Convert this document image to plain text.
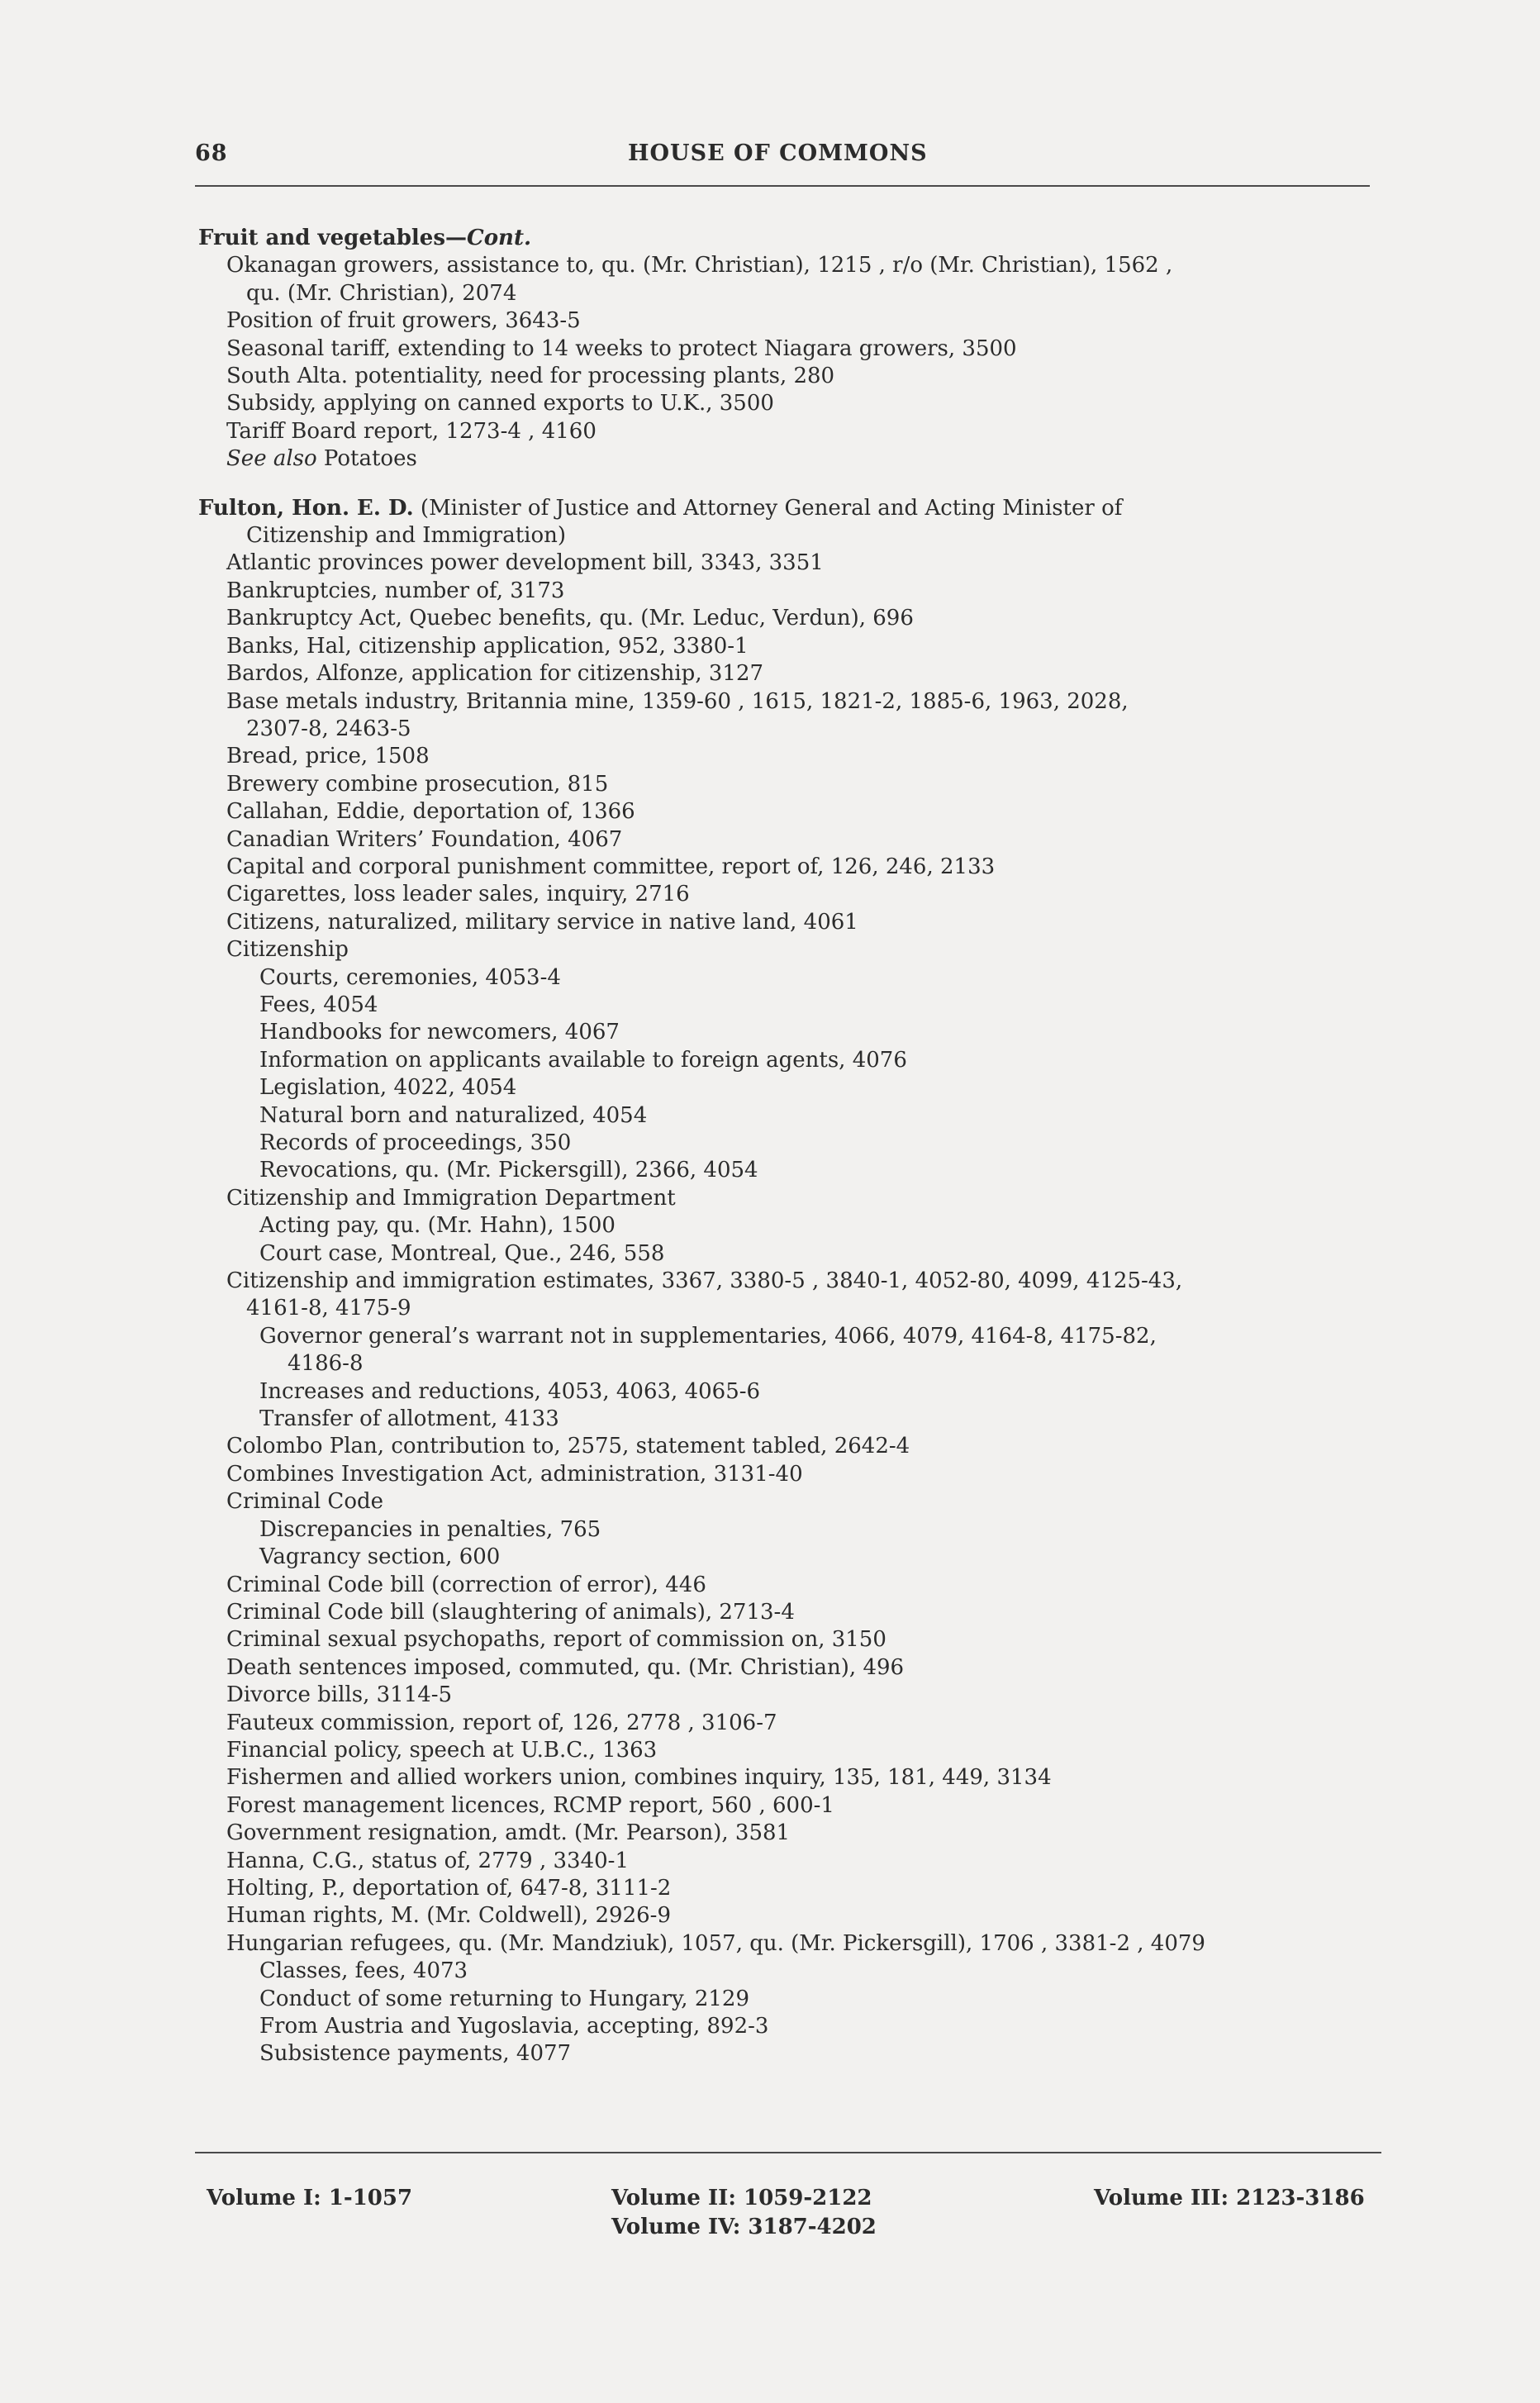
68	HOUSE OF COMMONS
Fruit and vegetables—Cont.
Okanagan growers, assistance to, qu. (Mr. Christian), 1215 , r/o (Mr. Christian), 1562 ,
qu. (Mr. Christian), 2074
Position of fruit growers, 3643-5
Seasonal tariff, extending to 14 weeks to protect Niagara growers, 3500
South Alta. potentiality, need for processing plants, 280
Subsidy, applying on canned exports to U.K., 3500
Tariff Board report, 1273-4 , 4160
See also Potatoes
Fulton, Hon. E. D. (Minister of Justice and Attorney General and Acting Minister of
Citizenship and Immigration)
Atlantic provinces power development bill, 3343, 3351
Bankruptcies, number of, 3173
Bankruptcy Act, Quebec benefits, qu. (Mr. Leduc, Verdun), 696
Banks, Hal, citizenship application, 952, 3380-1
Bardos, Alfonze, application for citizenship, 3127
Base metals industry, Britannia mine, 1359-60 , 1615, 1821-2, 1885-6, 1963, 2028,
2307-8, 2463-5
Bread, price, 1508
Brewery combine prosecution, 815
Callahan, Eddie, deportation of, 1366
Canadian Writers’ Foundation, 4067
Capital and corporal punishment committee, report of, 126, 246, 2133
Cigarettes, loss leader sales, inquiry, 2716
Citizens, naturalized, military service in native land, 4061
Citizenship
Courts, ceremonies, 4053-4
Fees, 4054
Handbooks for newcomers, 4067
Information on applicants available to foreign agents, 4076
Legislation, 4022, 4054
Natural born and naturalized, 4054
Records of proceedings, 350
Revocations, qu. (Mr. Pickersgill), 2366, 4054
Citizenship and Immigration Department
Acting pay, qu. (Mr. Hahn), 1500
Court case, Montreal, Que., 246, 558
Citizenship and immigration estimates, 3367, 3380-5 , 3840-1, 4052-80, 4099, 4125-43,
4161-8, 4175-9
Governor general’s warrant not in supplementaries, 4066, 4079, 4164-8, 4175-82,
4186-8
Increases and reductions, 4053, 4063, 4065-6
Transfer of allotment, 4133
Colombo Plan, contribution to, 2575, statement tabled, 2642-4
Combines Investigation Act, administration, 3131-40
Criminal Code
Discrepancies in penalties, 765
Vagrancy section, 600
Criminal Code bill (correction of error), 446
Criminal Code bill (slaughtering of animals), 2713-4
Criminal sexual psychopaths, report of commission on, 3150
Death sentences imposed, commuted, qu. (Mr. Christian), 496
Divorce bills, 3114-5
Fauteux commission, report of, 126, 2778 , 3106-7
Financial policy, speech at U.B.C., 1363
Fishermen and allied workers union, combines inquiry, 135, 181, 449, 3134
Forest management licences, RCMP report, 560 , 600-1
Government resignation, amdt. (Mr. Pearson), 3581
Hanna, C.G., status of, 2779 , 3340-1
Holting, P., deportation of, 647-8, 3111-2
Human rights, M. (Mr. Coldwell), 2926-9
Hungarian refugees, qu. (Mr. Mandziuk), 1057, qu. (Mr. Pickersgill), 1706 , 3381-2 , 4079
Classes, fees, 4073
Conduct of some returning to Hungary, 2129
From Austria and Yugoslavia, accepting, 892-3
Subsistence payments, 4077
Volume I: 1-1057	Volume II: 1059-2122
Volume IV: 3187-4202
Volume III: 2123-3186
